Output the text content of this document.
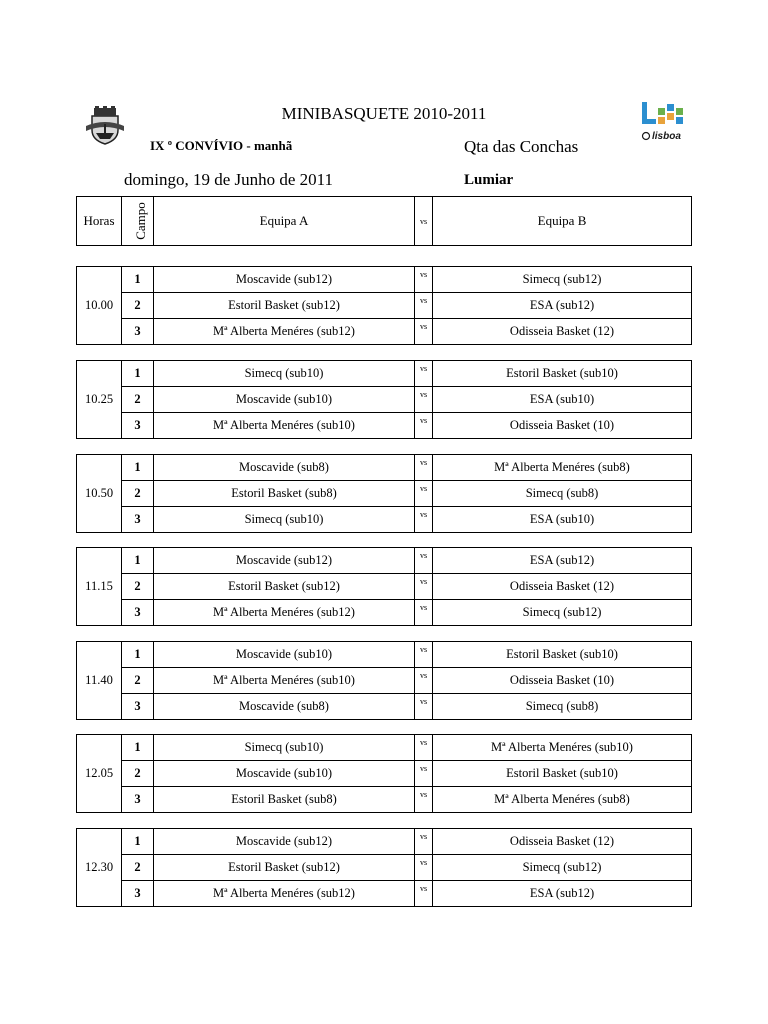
lisboa
MINIBASQUETE 2010-2011
IX º CONVÍVIO - manhã	Qta das Conchas
domingo, 19 de Junho de 2011	Lumiar
Horas	Campo	Equipa A	vs	Equipa B
10.00	1	Moscavide (sub12)	vs	Simecq (sub12)
	2	Estoril Basket (sub12)	vs	ESA (sub12)
	3	Mª Alberta Menéres (sub12)	vs	Odisseia Basket (12)
10.25	1	Simecq (sub10)	vs	Estoril Basket (sub10)
	2	Moscavide (sub10)	vs	ESA (sub10)
	3	Mª Alberta Menéres (sub10)	vs	Odisseia Basket (10)
10.50	1	Moscavide (sub8)	vs	Mª Alberta Menéres (sub8)
	2	Estoril Basket (sub8)	vs	Simecq (sub8)
	3	Simecq (sub10)	vs	ESA (sub10)
11.15	1	Moscavide (sub12)	vs	ESA (sub12)
	2	Estoril Basket (sub12)	vs	Odisseia Basket (12)
	3	Mª Alberta Menéres (sub12)	vs	Simecq (sub12)
11.40	1	Moscavide (sub10)	vs	Estoril Basket (sub10)
	2	Mª Alberta Menéres (sub10)	vs	Odisseia Basket (10)
	3	Moscavide (sub8)	vs	Simecq (sub8)
12.05	1	Simecq (sub10)	vs	Mª Alberta Menéres (sub10)
	2	Moscavide (sub10)	vs	Estoril Basket (sub10)
	3	Estoril Basket (sub8)	vs	Mª Alberta Menéres (sub8)
12.30	1	Moscavide (sub12)	vs	Odisseia Basket (12)
	2	Estoril Basket (sub12)	vs	Simecq (sub12)
	3	Mª Alberta Menéres (sub12)	vs	ESA (sub12)
